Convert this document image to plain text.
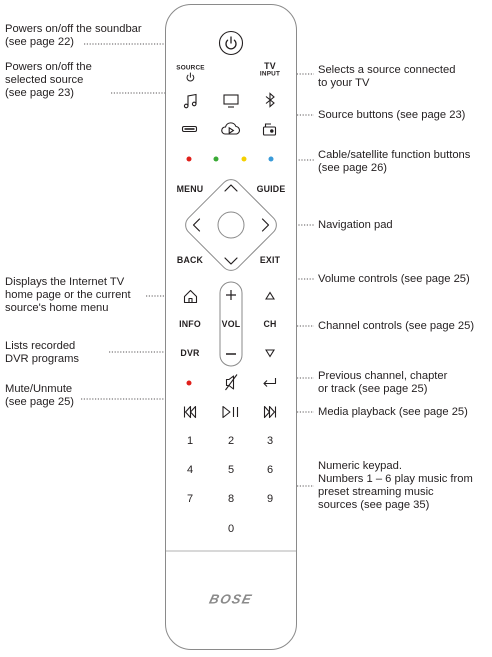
Powers on/off the soundbar
(see page 22)
Powers on/off the
selected source
(see page 23)
Selects a source connected
to your TV
Source buttons (see page 23)
Cable/satellite function buttons
(see page 26)
Navigation pad
Volume controls (see page 25)
Displays the Internet TV
home page or the current
source's home menu
Channel controls (see page 25)
Lists recorded
DVR programs
Previous channel, chapter
or track (see page 25)
Mute/Unmute
(see page 25)
Media playback (see page 25)
Numeric keypad.
Numbers 1 – 6 play music from
preset streaming music
sources (see page 35)
SOURCE	TV
INPUT
MENU	GUIDE
BACK	EXIT
INFO VOL	CH
DVR
1	2	3
4	5	6
7	8	9
0
BOSE
